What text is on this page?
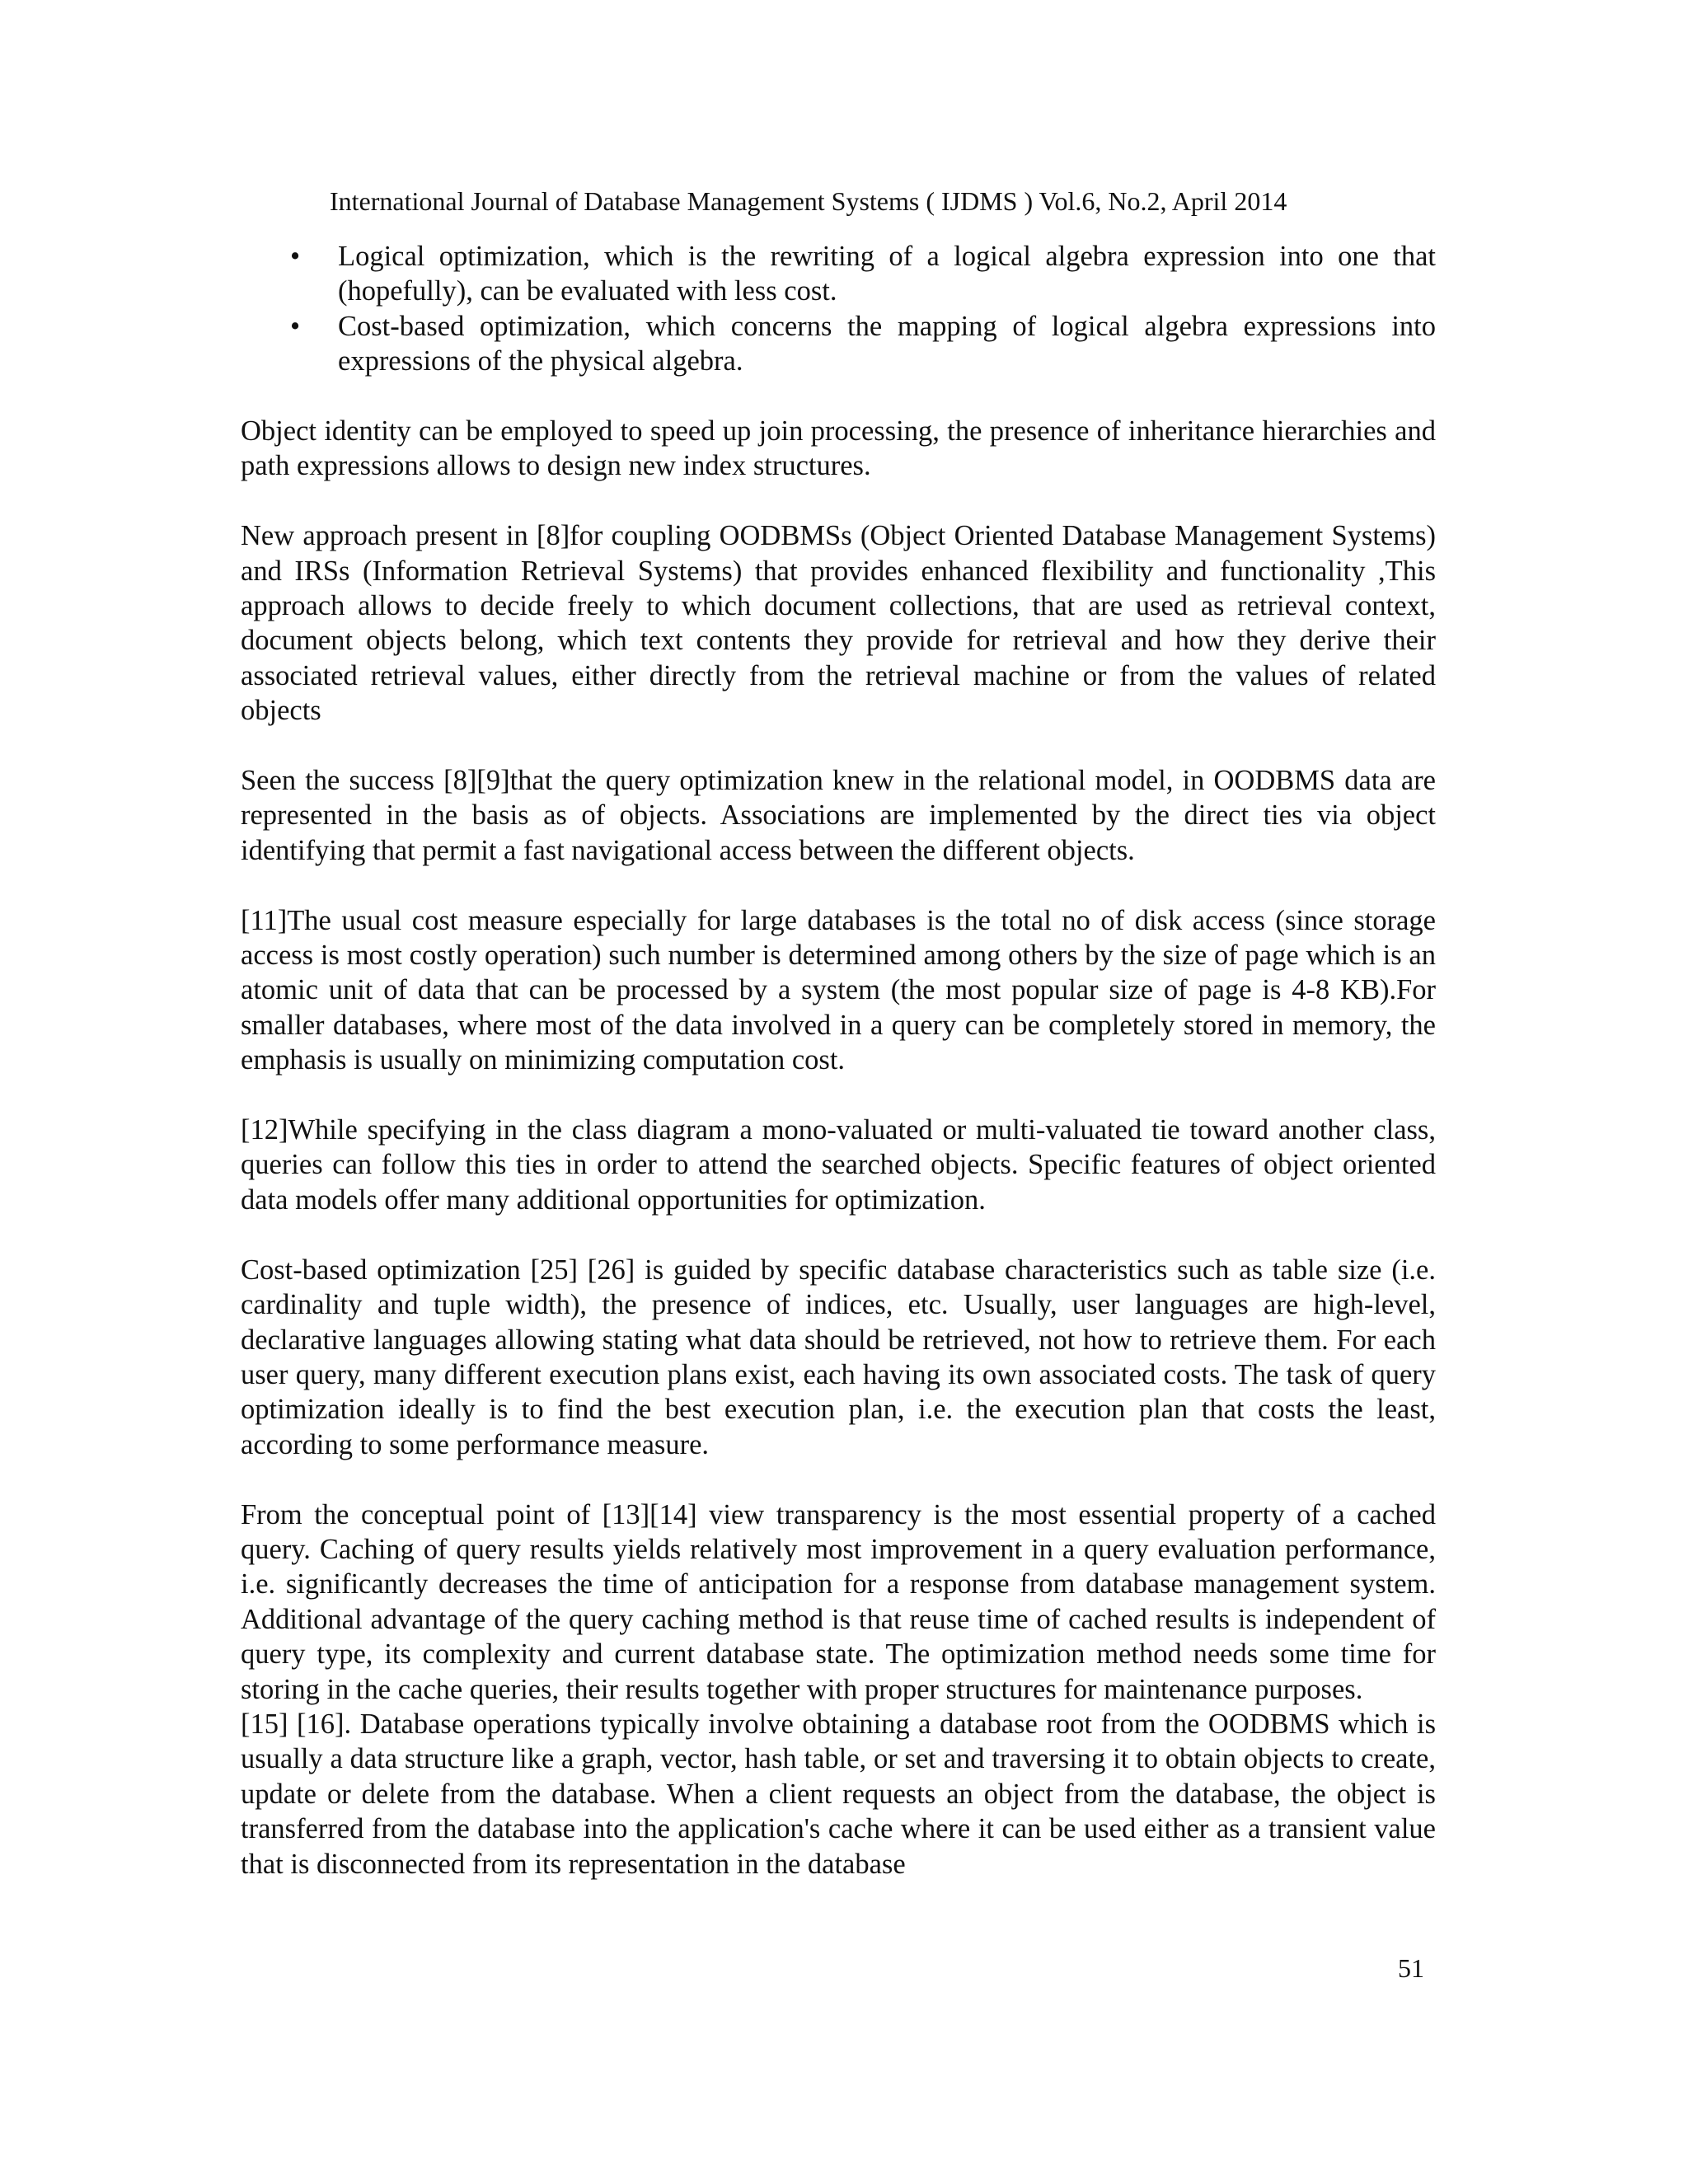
International Journal of Database Management Systems ( IJDMS ) Vol.6, No.2, April 2014
• Logical optimization, which is the rewriting of a logical algebra expression into one that (hopefully), can be evaluated with less cost.
• Cost-based optimization, which concerns the mapping of logical algebra expressions into expressions of the physical algebra.

Object identity can be employed to speed up join processing, the presence of inheritance hierarchies and path expressions allows to design new index structures.

New approach present in [8]for coupling OODBMSs (Object Oriented Database Management Systems) and IRSs (Information Retrieval Systems) that provides enhanced flexibility and functionality ,This approach allows to decide freely to which document collections, that are used as retrieval context, document objects belong, which text contents they provide for retrieval and how they derive their associated retrieval values, either directly from the retrieval machine or from the values of related objects

Seen the success [8][9]that the query optimization knew in the relational model, in OODBMS data are represented in the basis as of objects. Associations are implemented by the direct ties via object identifying that permit a fast navigational access between the different objects.

[11]The usual cost measure especially for large databases is the total no of disk access (since storage access is most costly operation) such number is determined among others by the size of page which is an atomic unit of data that can be processed by a system (the most popular size of page is 4-8 KB).For smaller databases, where most of the data involved in a query can be completely stored in memory, the emphasis is usually on minimizing computation cost.

[12]While specifying in the class diagram a mono-valuated or multi-valuated tie toward another class, queries can follow this ties in order to attend the searched objects. Specific features of object oriented data models offer many additional opportunities for optimization.

Cost-based optimization [25] [26] is guided by specific database characteristics such as table size (i.e. cardinality and tuple width), the presence of indices, etc. Usually, user languages are high-level, declarative languages allowing stating what data should be retrieved, not how to retrieve them. For each user query, many different execution plans exist, each having its own associated costs. The task of query optimization ideally is to find the best execution plan, i.e. the execution plan that costs the least, according to some performance measure.

From the conceptual point of [13][14] view transparency is the most essential property of a cached query. Caching of query results yields relatively most improvement in a query evaluation performance, i.e. significantly decreases the time of anticipation for a response from database management system. Additional advantage of the query caching method is that reuse time of cached results is independent of query type, its complexity and current database state. The optimization method needs some time for storing in the cache queries, their results together with proper structures for maintenance purposes.

[15] [16]. Database operations typically involve obtaining a database root from the OODBMS which is usually a data structure like a graph, vector, hash table, or set and traversing it to obtain objects to create, update or delete from the database. When a client requests an object from the database, the object is transferred from the database into the application's cache where it can be used either as a transient value that is disconnected from its representation in the database

51
